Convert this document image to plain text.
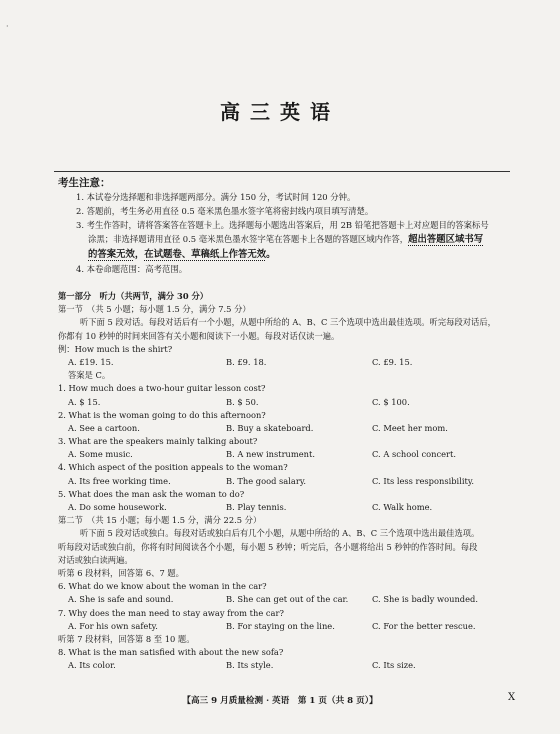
·
高三英语
考生注意：
1. 本试卷分选择题和非选择题两部分。满分 150 分，考试时间 120 分钟。
2. 答题前，考生务必用直径 0.5 毫米黑色墨水签字笔将密封线内项目填写清楚。
3. 考生作答时，请将答案答在答题卡上。选择题每小题选出答案后，用 2B 铅笔把答题卡上对应题目的答案标号
涂黑；非选择题请用直径 0.5 毫米黑色墨水签字笔在答题卡上各题的答题区域内作答，超出答题区域书写
的答案无效，在试题卷、草稿纸上作答无效。
4. 本卷命题范围：高考范围。
第一部分　听力（共两节，满分 30 分）
第一节　（共 5 小题；每小题 1.5 分，满分 7.5 分）
听下面 5 段对话。每段对话后有一个小题，从题中所给的 A、B、C 三个选项中选出最佳选项。听完每段对话后，
你都有 10 秒钟的时间来回答有关小题和阅读下一小题。每段对话仅读一遍。
例：How much is the shirt?
A. £19. 15.	B. £9. 18.	C. £9. 15.
答案是 C。
1. How much does a two-hour guitar lesson cost?
A. $ 15.	B. $ 50.	C. $ 100.
2. What is the woman going to do this afternoon?
A. See a cartoon.	B. Buy a skateboard.	C. Meet her mom.
3. What are the speakers mainly talking about?
A. Some music.	B. A new instrument.	C. A school concert.
4. Which aspect of the position appeals to the woman?
A. Its free working time.	B. The good salary.	C. Its less responsibility.
5. What does the man ask the woman to do?
A. Do some housework.	B. Play tennis.	C. Walk home.
第二节　（共 15 小题；每小题 1.5 分，满分 22.5 分）
听下面 5 段对话或独白。每段对话或独白后有几个小题，从题中所给的 A、B、C 三个选项中选出最佳选项。
听每段对话或独白前，你将有时间阅读各个小题，每小题 5 秒钟；听完后，各小题将给出 5 秒钟的作答时间。每段
对话或独白读两遍。
听第 6 段材料，回答第 6、7 题。
6. What do we know about the woman in the car?
A. She is safe and sound.	B. She can get out of the car.	C. She is badly wounded.
7. Why does the man need to stay away from the car?
A. For his own safety.	B. For staying on the line.	C. For the better rescue.
听第 7 段材料，回答第 8 至 10 题。
8. What is the man satisfied with about the new sofa?
A. Its color.	B. Its style.	C. Its size.
【高三 9 月质量检测 · 英语　第 1 页（共 8 页）】	X
